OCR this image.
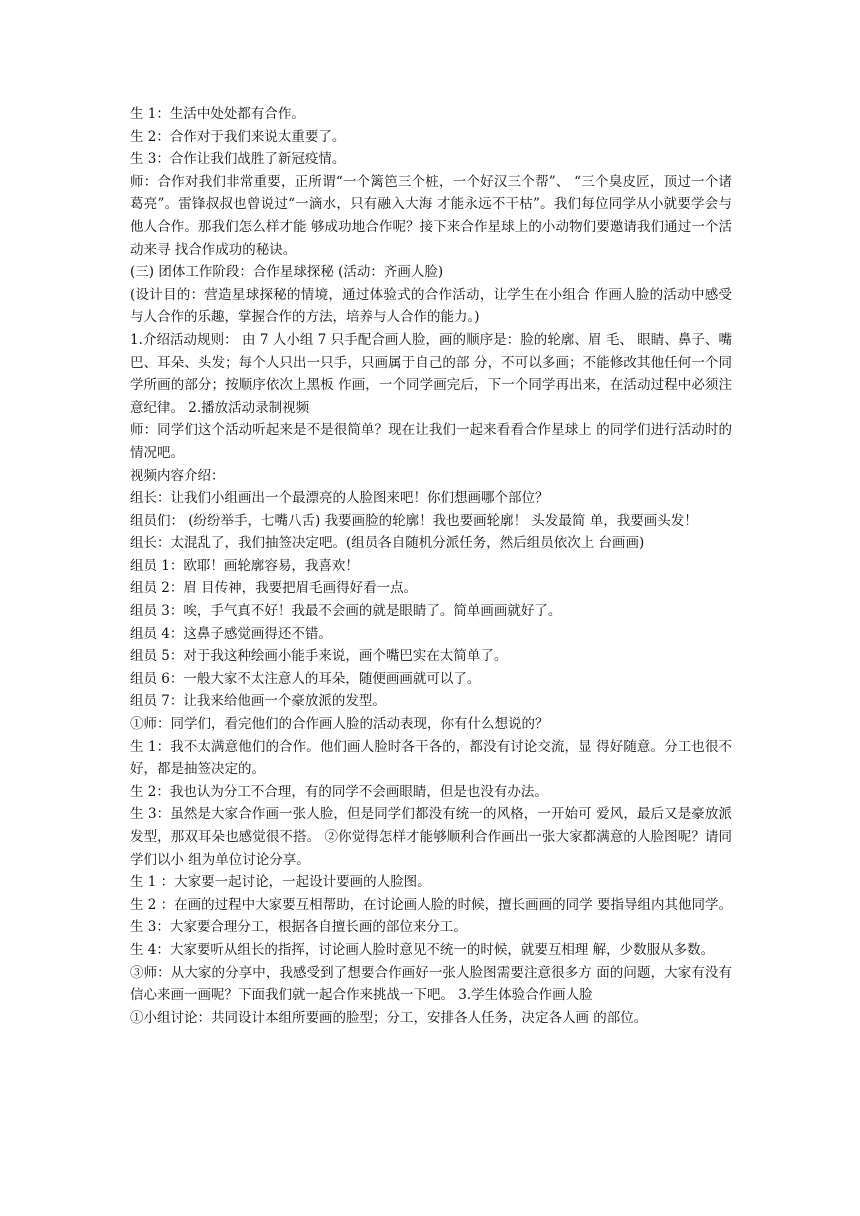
生 1：生活中处处都有合作。

生 2：合作对于我们来说太重要了。

生 3：合作让我们战胜了新冠疫情。

师：合作对我们非常重要，正所谓“一个篱笆三个桩，一个好汉三个帮”、 “三个臭皮匠，顶过一个诸葛亮”。雷锋叔叔也曾说过“一滴水，只有融入大海 才能永远不干枯”。我们每位同学从小就要学会与他人合作。那我们怎么样才能 够成功地合作呢？接下来合作星球上的小动物们要邀请我们通过一个活动来寻 找合作成功的秘诀。

(三) 团体工作阶段：合作星球探秘 (活动：齐画人脸)

(设计目的：营造星球探秘的情境，通过体验式的合作活动，让学生在小组合 作画人脸的活动中感受与人合作的乐趣，掌握合作的方法，培养与人合作的能力。)

1.介绍活动规则： 由 7 人小组 7 只手配合画人脸，画的顺序是：脸的轮廓、眉 毛、 眼睛、鼻子、嘴巴、耳朵、头发；每个人只出一只手，只画属于自己的部 分，不可以多画；不能修改其他任何一个同学所画的部分；按顺序依次上黑板 作画，一个同学画完后，下一个同学再出来，在活动过程中必须注意纪律。 2.播放活动录制视频

师：同学们这个活动听起来是不是很简单？现在让我们一起来看看合作星球上 的同学们进行活动时的情况吧。

视频内容介绍：

组长：让我们小组画出一个最漂亮的人脸图来吧！你们想画哪个部位？

组员们： (纷纷举手，七嘴八舌) 我要画脸的轮廓！我也要画轮廓！ 头发最简 单，我要画头发！

组长：太混乱了，我们抽签决定吧。(组员各自随机分派任务，然后组员依次上 台画画)

组员 1：欧耶！画轮廓容易，我喜欢！

组员 2：眉 目传神，我要把眉毛画得好看一点。

组员 3：唉，手气真不好！我最不会画的就是眼睛了。简单画画就好了。

组员 4：这鼻子感觉画得还不错。

组员 5：对于我这种绘画小能手来说，画个嘴巴实在太简单了。

组员 6：一般大家不太注意人的耳朵，随便画画就可以了。

组员 7：让我来给他画一个豪放派的发型。

①师：同学们，看完他们的合作画人脸的活动表现，你有什么想说的？

生 1：我不太满意他们的合作。他们画人脸时各干各的，都没有讨论交流，显 得好随意。分工也很不好，都是抽签决定的。

生 2：我也认为分工不合理，有的同学不会画眼睛，但是也没有办法。

生 3：虽然是大家合作画一张人脸，但是同学们都没有统一的风格，一开始可 爱风，最后又是豪放派发型，那双耳朵也感觉很不搭。 ②你觉得怎样才能够顺利合作画出一张大家都满意的人脸图呢？请同学们以小 组为单位讨论分享。

生 1 ：大家要一起讨论，一起设计要画的人脸图。

生 2 ：在画的过程中大家要互相帮助，在讨论画人脸的时候，擅长画画的同学 要指导组内其他同学。

生 3：大家要合理分工，根据各自擅长画的部位来分工。

生 4：大家要听从组长的指挥，讨论画人脸时意见不统一的时候，就要互相理 解，少数服从多数。

③师：从大家的分享中，我感受到了想要合作画好一张人脸图需要注意很多方 面的问题，大家有没有信心来画一画呢？下面我们就一起合作来挑战一下吧。 3.学生体验合作画人脸

①小组讨论：共同设计本组所要画的脸型；分工，安排各人任务，决定各人画 的部位。
